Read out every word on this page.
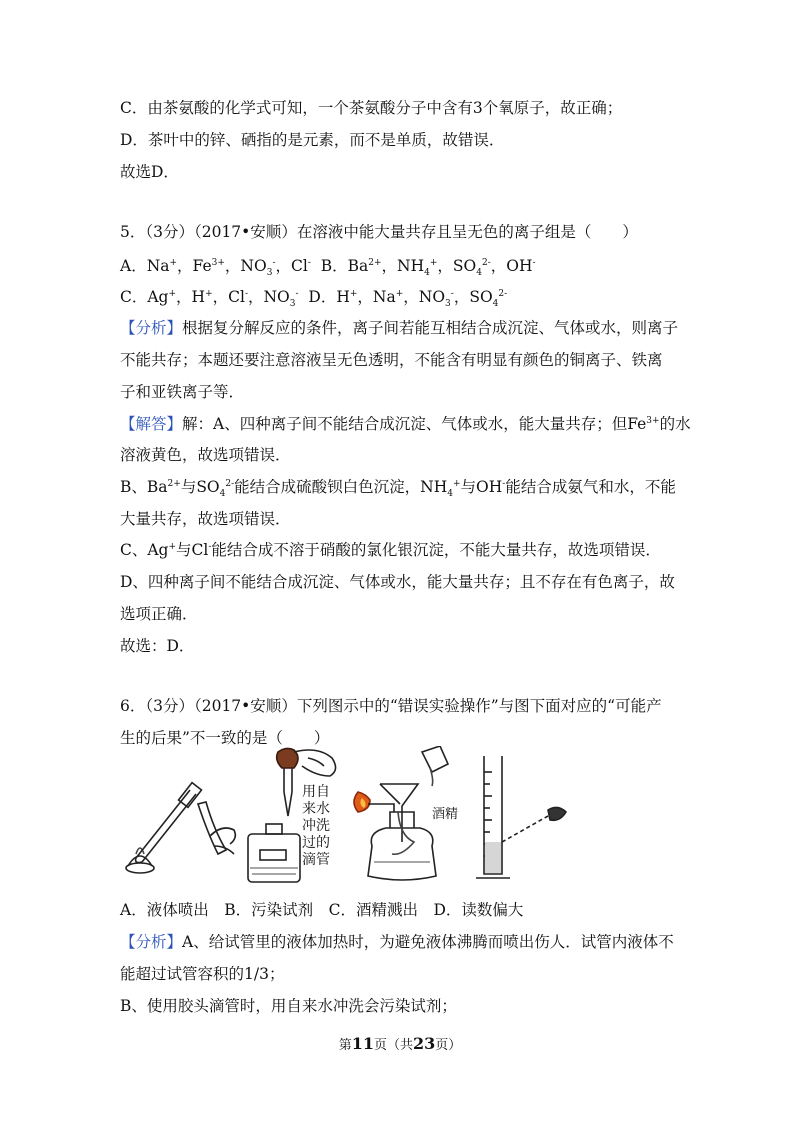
C．由茶氨酸的化学式可知，一个茶氨酸分子中含有3个氧原子，故正确；
D．茶叶中的锌、硒指的是元素，而不是单质，故错误．
故选D．
5．（3分）（2017•安顺）在溶液中能大量共存且呈无色的离子组是（　　）
A．Na+，$Fe^{3+}$，$NO_3^-$，Cl- B．$Ba^{2+}$，$NH_4^+$，$SO_4^{2-}$，OH-
C．Ag+，H+，Cl-，$NO_3^-$ D．H+，Na+，$NO_3^-$，$SO_4^{2-}$
【分析】根据复分解反应的条件，离子间若能互相结合成沉淀、气体或水，则离子
不能共存；本题还要注意溶液呈无色透明，不能含有明显有颜色的铜离子、铁离
子和亚铁离子等．
【解答】解：A、四种离子间不能结合成沉淀、气体或水，能大量共存；但$Fe^{3+}$的水
溶液黄色，故选项错误．
B、$Ba^{2+}$与$SO_4^{2-}$能结合成硫酸钡白色沉淀，$NH_4^+$与OH-能结合成氨气和水，不能
大量共存，故选项错误．
C、Ag+与Cl-能结合成不溶于硝酸的氯化银沉淀，不能大量共存，故选项错误．
D、四种离子间不能结合成沉淀、气体或水，能大量共存；且不存在有色离子，故
选项正确．
故选：D．
6．（3分）（2017•安顺）下列图示中的“错误实验操作”与图下面对应的“可能产
生的后果”不一致的是（　　）
用自来水冲洗过的滴管
酒精
A．液体喷出　B．污染试剂　C．酒精溅出　D．读数偏大
【分析】A、给试管里的液体加热时，为避免液体沸腾而喷出伤人．试管内液体不
能超过试管容积的1/3；
B、使用胶头滴管时，用自来水冲洗会污染试剂；
第11页（共23页）
